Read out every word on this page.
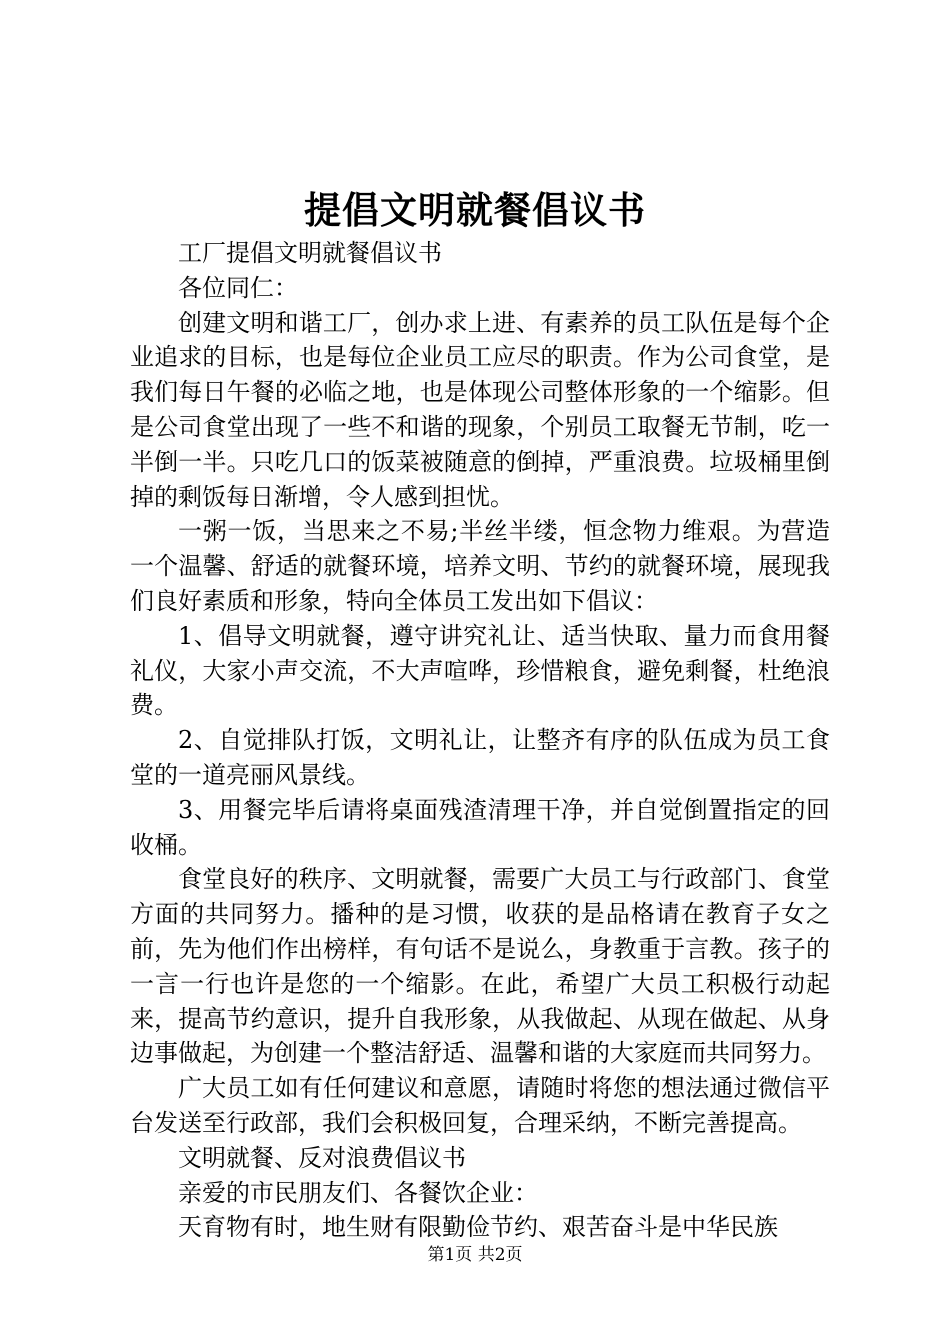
提倡文明就餐倡议书

工厂提倡文明就餐倡议书

各位同仁：

创建文明和谐工厂，创办求上进、有素养的员工队伍是每个企业追求的目标，也是每位企业员工应尽的职责。作为公司食堂，是我们每日午餐的必临之地，也是体现公司整体形象的一个缩影。但是公司食堂出现了一些不和谐的现象，个别员工取餐无节制，吃一半倒一半。只吃几口的饭菜被随意的倒掉，严重浪费。垃圾桶里倒掉的剩饭每日渐增，令人感到担忧。

一粥一饭，当思来之不易;半丝半缕，恒念物力维艰。为营造一个温馨、舒适的就餐环境，培养文明、节约的就餐环境，展现我们良好素质和形象，特向全体员工发出如下倡议：

1、倡导文明就餐，遵守讲究礼让、适当快取、量力而食用餐礼仪，大家小声交流，不大声喧哗，珍惜粮食，避免剩餐，杜绝浪费。

2、自觉排队打饭，文明礼让，让整齐有序的队伍成为员工食堂的一道亮丽风景线。

3、用餐完毕后请将桌面残渣清理干净，并自觉倒置指定的回收桶。

食堂良好的秩序、文明就餐，需要广大员工与行政部门、食堂方面的共同努力。播种的是习惯，收获的是品格请在教育子女之前，先为他们作出榜样，有句话不是说么，身教重于言教。孩子的一言一行也许是您的一个缩影。在此，希望广大员工积极行动起来，提高节约意识，提升自我形象，从我做起、从现在做起、从身边事做起，为创建一个整洁舒适、温馨和谐的大家庭而共同努力。

广大员工如有任何建议和意愿，请随时将您的想法通过微信平台发送至行政部，我们会积极回复，合理采纳，不断完善提高。

文明就餐、反对浪费倡议书

亲爱的市民朋友们、各餐饮企业：

天育物有时，地生财有限勤俭节约、艰苦奋斗是中华民族

第1页 共2页
